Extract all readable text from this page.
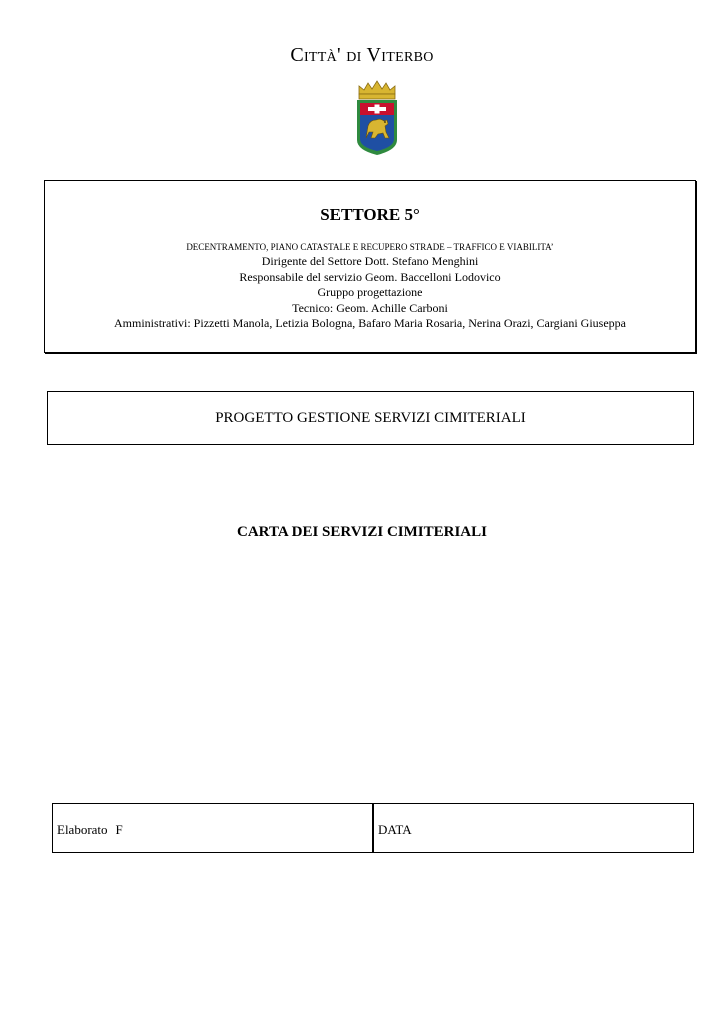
Città' di Viterbo
SETTORE 5°
DECENTRAMENTO, PIANO CATASTALE E RECUPERO STRADE – TRAFFICO E VIABILITA’
Dirigente del Settore Dott. Stefano Menghini
Responsabile del servizio Geom. Baccelloni Lodovico
Gruppo progettazione
Tecnico: Geom. Achille Carboni
Amministrativi: Pizzetti Manola, Letizia Bologna, Bafaro Maria Rosaria, Nerina Orazi, Cargiani Giuseppa
PROGETTO GESTIONE SERVIZI CIMITERIALI
CARTA DEI SERVIZI CIMITERIALI
Elaborato F	DATA
